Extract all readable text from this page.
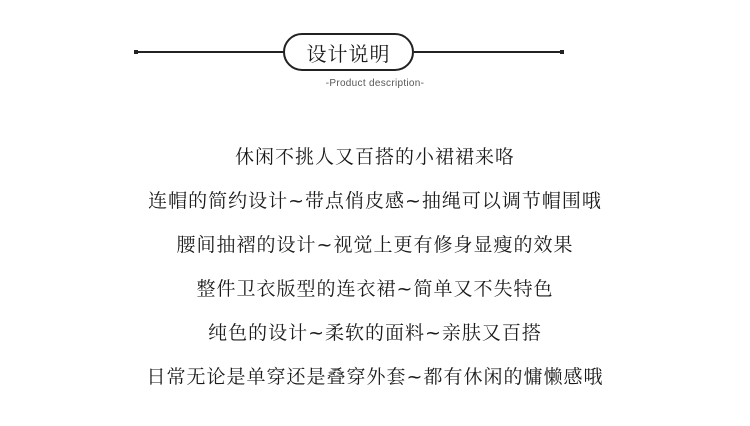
设计说明
-Product description-
休闲不挑人又百搭的小裙裙来咯
连帽的简约设计~带点俏皮感~抽绳可以调节帽围哦
腰间抽褶的设计~视觉上更有修身显瘦的效果
整件卫衣版型的连衣裙~简单又不失特色
纯色的设计~柔软的面料~亲肤又百搭
日常无论是单穿还是叠穿外套~都有休闲的慵懒感哦
